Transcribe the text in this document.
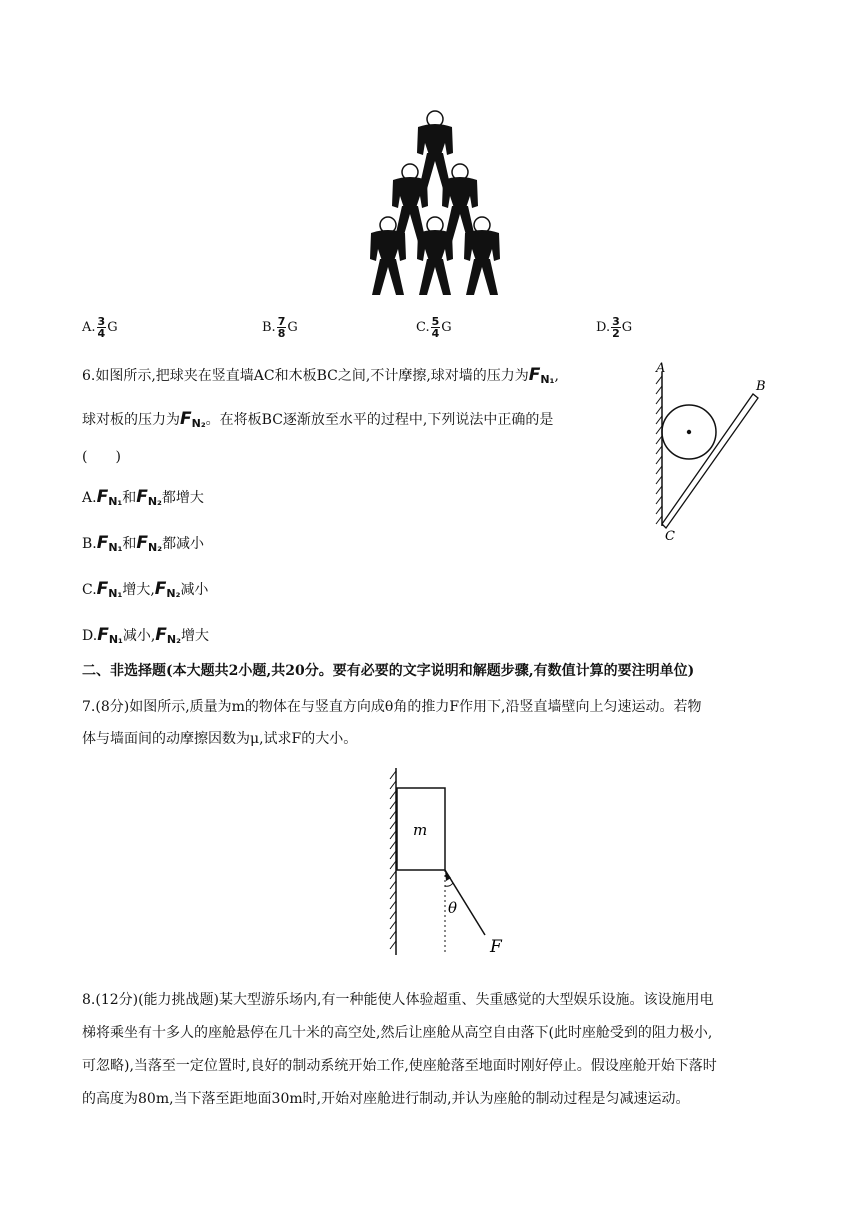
A. $\frac{3}{4}$ G	B. $\frac{7}{8}$ G	C. $\frac{5}{4}$ G	D. $\frac{3}{2}$ G
6.如图所示,把球夹在竖直墙AC和木板BC之间,不计摩擦,球对墙的压力为$F_{N_1}$,
球对板的压力为$F_{N_2}$。在将板BC逐渐放至水平的过程中,下列说法中正确的是
(　　)
$A.F_{N_1}$和$F_{N_2}$都增大
$B.F_{N_1}$和$F_{N_2}$都减小
$C.F_{N_1}$增大$,F_{N_2}$减小
$D.F_{N_1}$减小$,F_{N_2}$增大
A
B
C
二、非选择题(本大题共2小题,共20分。要有必要的文字说明和解题步骤,有数值计算的要注明单位)
7.(8分)如图所示,质量为m的物体在与竖直方向成θ角的推力F作用下,沿竖直墙壁向上匀速运动。若物
体与墙面间的动摩擦因数为μ,试求F的大小。
m
θ
F
8.(12分)(能力挑战题)某大型游乐场内,有一种能使人体验超重、失重感觉的大型娱乐设施。该设施用电
梯将乘坐有十多人的座舱悬停在几十米的高空处,然后让座舱从高空自由落下(此时座舱受到的阻力极小,
可忽略),当落至一定位置时,良好的制动系统开始工作,使座舱落至地面时刚好停止。假设座舱开始下落时
的高度为80m,当下落至距地面30m时,开始对座舱进行制动,并认为座舱的制动过程是匀减速运动。
